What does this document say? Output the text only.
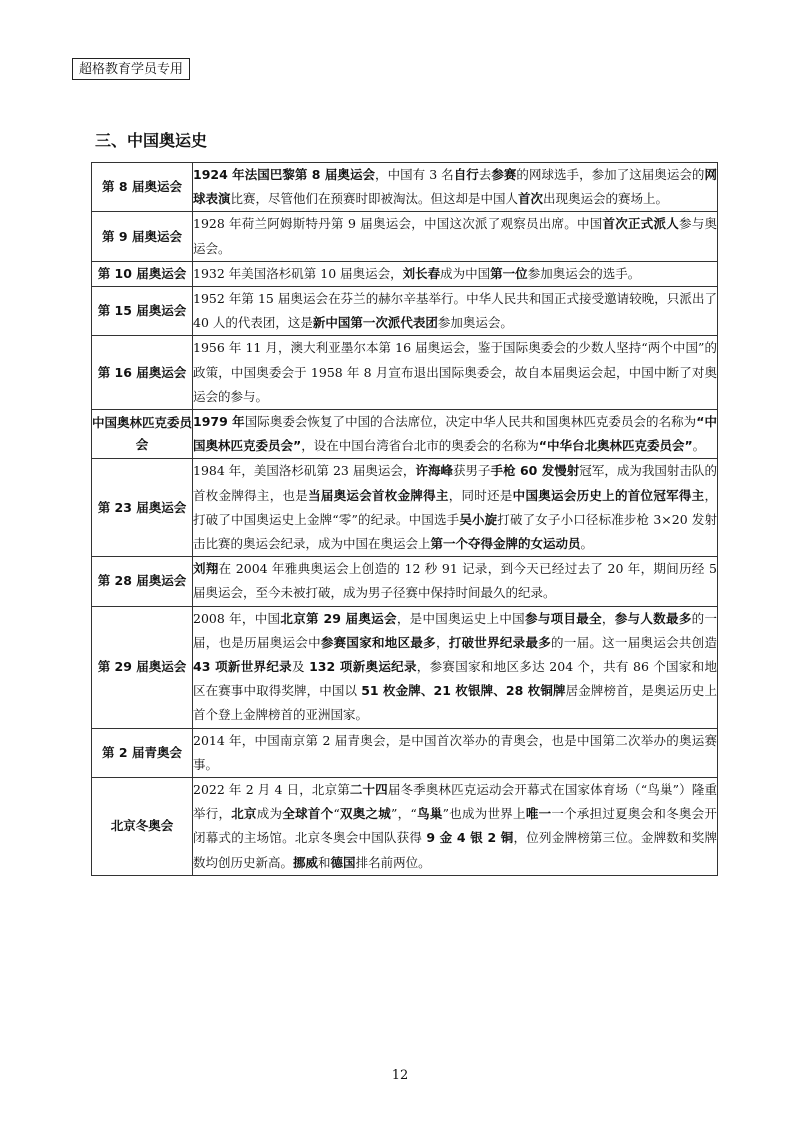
超格教育学员专用
三、中国奥运史
第 8 届奥运会	1924 年法国巴黎第 8 届奥运会，中国有 3 名自行去参赛的网球选手，参加了这届奥运会的网球表演比赛，尽管他们在预赛时即被淘汰。但这却是中国人首次出现奥运会的赛场上。
第 9 届奥运会	1928 年荷兰阿姆斯特丹第 9 届奥运会，中国这次派了观察员出席。中国首次正式派人参与奥运会。
第 10 届奥运会	1932 年美国洛杉矶第 10 届奥运会，刘长春成为中国第一位参加奥运会的选手。
第 15 届奥运会	1952 年第 15 届奥运会在芬兰的赫尔辛基举行。中华人民共和国正式接受邀请较晚，只派出了 40 人的代表团，这是新中国第一次派代表团参加奥运会。
第 16 届奥运会	1956 年 11 月，澳大利亚墨尔本第 16 届奥运会，鉴于国际奥委会的少数人坚持“两个中国”的政策，中国奥委会于 1958 年 8 月宣布退出国际奥委会，故自本届奥运会起，中国中断了对奥运会的参与。
中国奥林匹克委员会	1979 年国际奥委会恢复了中国的合法席位，决定中华人民共和国奥林匹克委员会的名称为“中国奥林匹克委员会”，设在中国台湾省台北市的奥委会的名称为“中华台北奥林匹克委员会”。
第 23 届奥运会	1984 年，美国洛杉矶第 23 届奥运会，许海峰获男子手枪 60 发慢射冠军，成为我国射击队的首枚金牌得主，也是当届奥运会首枚金牌得主，同时还是中国奥运会历史上的首位冠军得主，打破了中国奥运史上金牌“零”的纪录。中国选手吴小旋打破了女子小口径标准步枪 3×20 发射击比赛的奥运会纪录，成为中国在奥运会上第一个夺得金牌的女运动员。
第 28 届奥运会	刘翔在 2004 年雅典奥运会上创造的 12 秒 91 记录，到今天已经过去了 20 年，期间历经 5 届奥运会，至今未被打破，成为男子径赛中保持时间最久的纪录。
第 29 届奥运会	2008 年，中国北京第 29 届奥运会，是中国奥运史上中国参与项目最全，参与人数最多的一届，也是历届奥运会中参赛国家和地区最多，打破世界纪录最多的一届。这一届奥运会共创造 43 项新世界纪录及 132 项新奥运纪录，参赛国家和地区多达 204 个，共有 86 个国家和地区在赛事中取得奖牌，中国以 51 枚金牌、21 枚银牌、28 枚铜牌居金牌榜首，是奥运历史上首个登上金牌榜首的亚洲国家。
第 2 届青奥会	2014 年，中国南京第 2 届青奥会，是中国首次举办的青奥会，也是中国第二次举办的奥运赛事。
北京冬奥会	2022 年 2 月 4 日，北京第二十四届冬季奥林匹克运动会开幕式在国家体育场（“鸟巢”）隆重举行，北京成为全球首个“双奥之城”，“鸟巢”也成为世界上唯一一个承担过夏奥会和冬奥会开闭幕式的主场馆。北京冬奥会中国队获得 9 金 4 银 2 铜，位列金牌榜第三位。金牌数和奖牌数均创历史新高。挪威和德国排名前两位。
12
